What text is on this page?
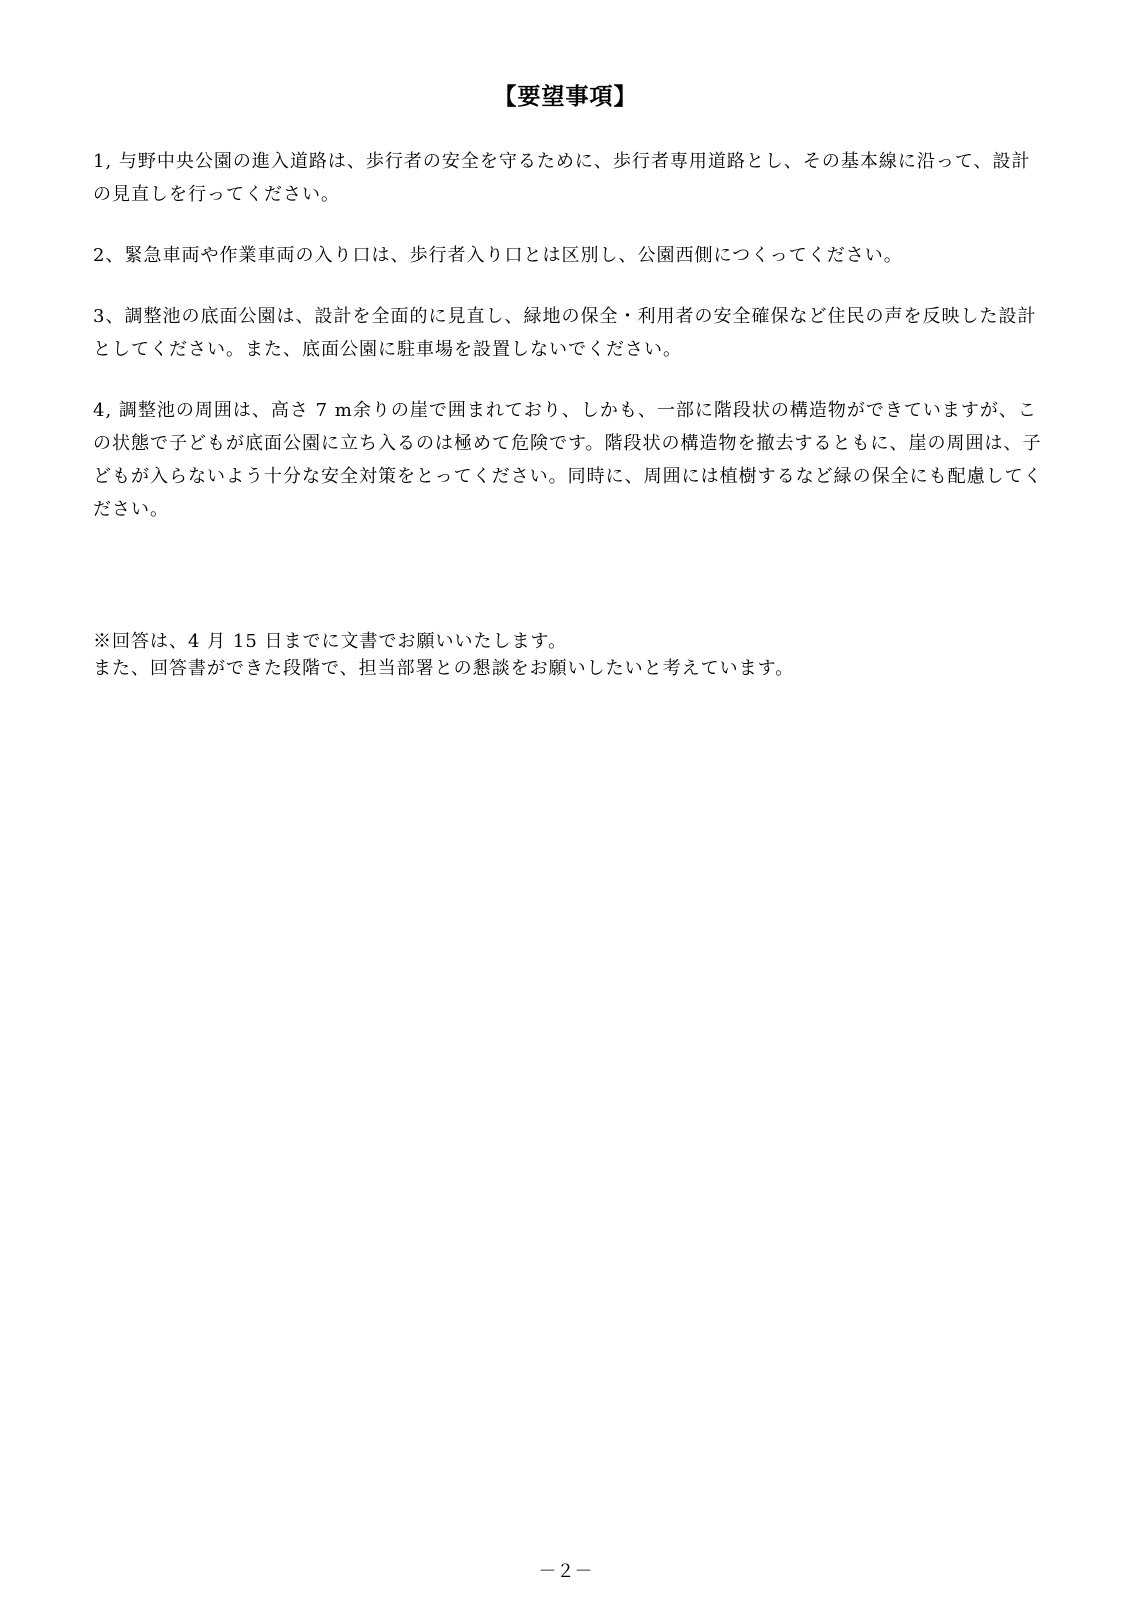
【要望事項】

1, 与野中央公園の進入道路は、歩行者の安全を守るために、歩行者専用道路とし、その基本線に沿って、設計の見直しを行ってください。

2、緊急車両や作業車両の入り口は、歩行者入り口とは区別し、公園西側につくってください。

3、調整池の底面公園は、設計を全面的に見直し、緑地の保全・利用者の安全確保など住民の声を反映した設計としてください。また、底面公園に駐車場を設置しないでください。

4, 調整池の周囲は、高さ 7 m余りの崖で囲まれており、しかも、一部に階段状の構造物ができていますが、この状態で子どもが底面公園に立ち入るのは極めて危険です。階段状の構造物を撤去するともに、崖の周囲は、子どもが入らないよう十分な安全対策をとってください。同時に、周囲には植樹するなど緑の保全にも配慮してください。

※回答は、4 月 15 日までに文書でお願いいたします。
また、回答書ができた段階で、担当部署との懇談をお願いしたいと考えています。
－２－
